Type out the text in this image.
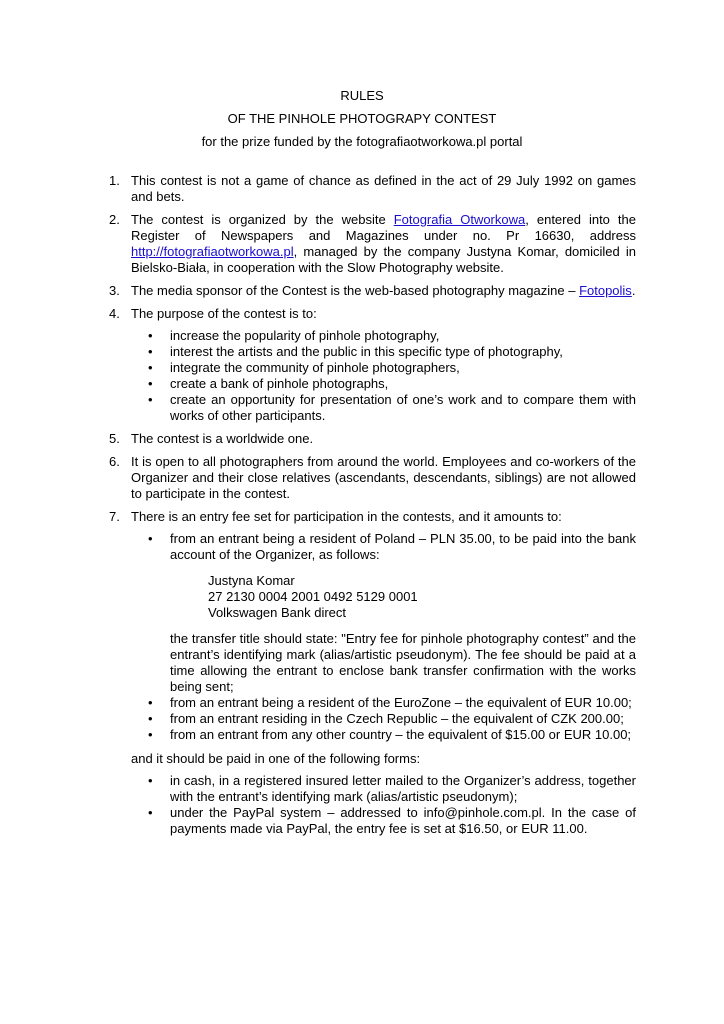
RULES
OF THE PINHOLE PHOTOGRAPY CONTEST
for the prize funded by the fotografiaotworkowa.pl portal
1. This contest is not a game of chance as defined in the act of 29 July 1992 on games and bets.
2. The contest is organized by the website Fotografia Otworkowa, entered into the Register of Newspapers and Magazines under no. Pr 16630, address http://fotografiaotworkowa.pl, managed by the company Justyna Komar, domiciled in Bielsko-Biała, in cooperation with the Slow Photography website.
3. The media sponsor of the Contest is the web-based photography magazine – Fotopolis.
4. The purpose of the contest is to:
• increase the popularity of pinhole photography,
• interest the artists and the public in this specific type of photography,
• integrate the community of pinhole photographers,
• create a bank of pinhole photographs,
• create an opportunity for presentation of one’s work and to compare them with works of other participants.
5. The contest is a worldwide one.
6. It is open to all photographers from around the world. Employees and co-workers of the Organizer and their close relatives (ascendants, descendants, siblings) are not allowed to participate in the contest.
7. There is an entry fee set for participation in the contests, and it amounts to:
• from an entrant being a resident of Poland – PLN 35.00, to be paid into the bank account of the Organizer, as follows:
Justyna Komar
27 2130 0004 2001 0492 5129 0001
Volkswagen Bank direct
the transfer title should state: "Entry fee for pinhole photography contest” and the entrant’s identifying mark (alias/artistic pseudonym). The fee should be paid at a time allowing the entrant to enclose bank transfer confirmation with the works being sent;
• from an entrant being a resident of the EuroZone – the equivalent of EUR 10.00;
• from an entrant residing in the Czech Republic – the equivalent of CZK 200.00;
• from an entrant from any other country – the equivalent of $15.00 or EUR 10.00;
and it should be paid in one of the following forms:
• in cash, in a registered insured letter mailed to the Organizer’s address, together with the entrant’s identifying mark (alias/artistic pseudonym);
• under the PayPal system – addressed to info@pinhole.com.pl. In the case of payments made via PayPal, the entry fee is set at $16.50, or EUR 11.00.
